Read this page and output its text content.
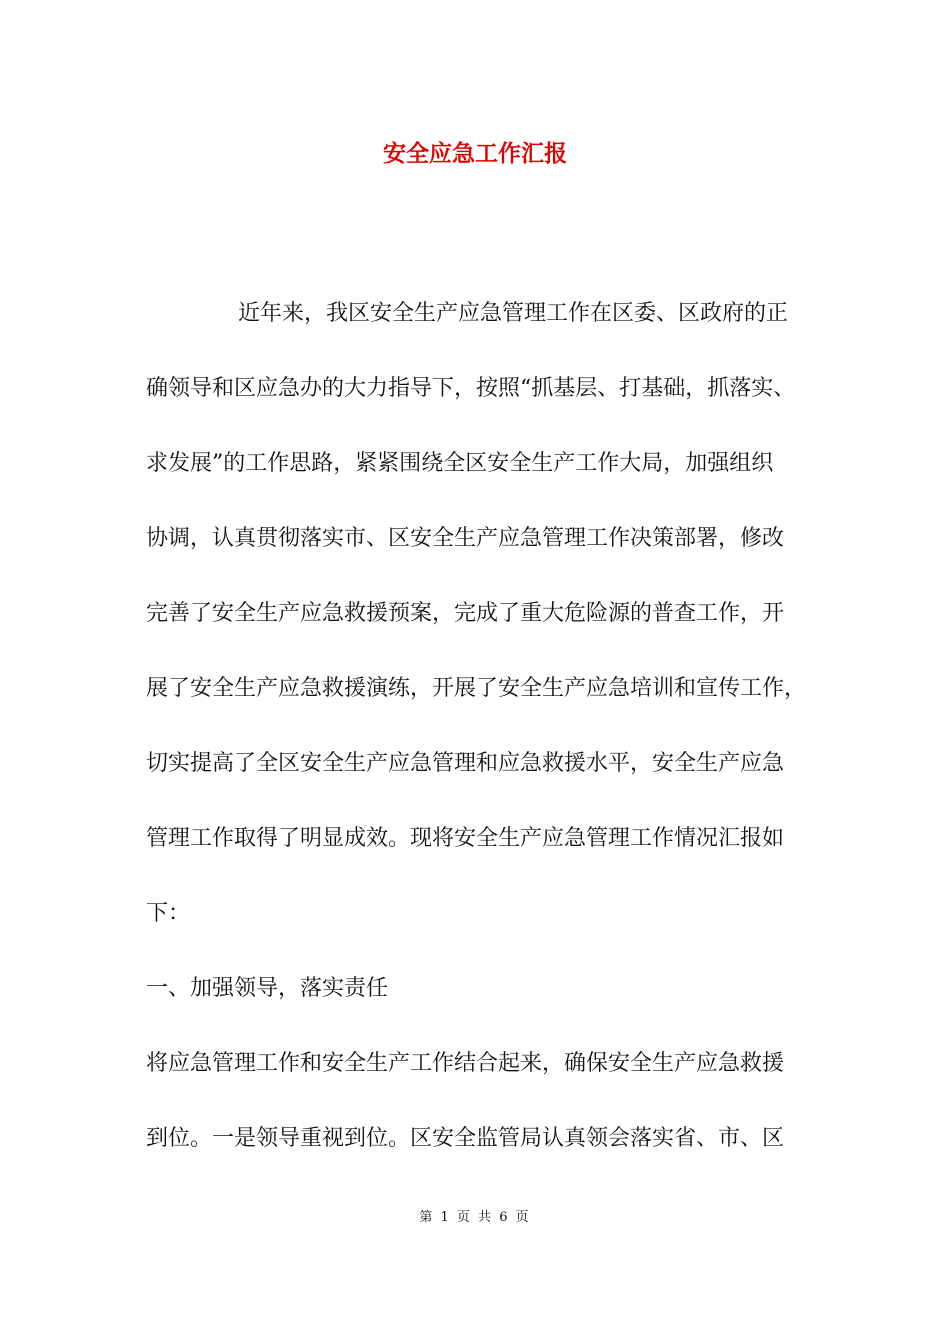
安全应急工作汇报
近年来，我区安全生产应急管理工作在区委、区政府的正
确领导和区应急办的大力指导下，按照“抓基层、打基础，抓落实、
求发展”的工作思路，紧紧围绕全区安全生产工作大局，加强组织
协调，认真贯彻落实市、区安全生产应急管理工作决策部署，修改
完善了安全生产应急救援预案，完成了重大危险源的普查工作，开
展了安全生产应急救援演练，开展了安全生产应急培训和宣传工作，
切实提高了全区安全生产应急管理和应急救援水平，安全生产应急
管理工作取得了明显成效。现将安全生产应急管理工作情况汇报如
下：
一、加强领导，落实责任
将应急管理工作和安全生产工作结合起来，确保安全生产应急救援
到位。一是领导重视到位。区安全监管局认真领会落实省、市、区
第 1 页 共 6 页
